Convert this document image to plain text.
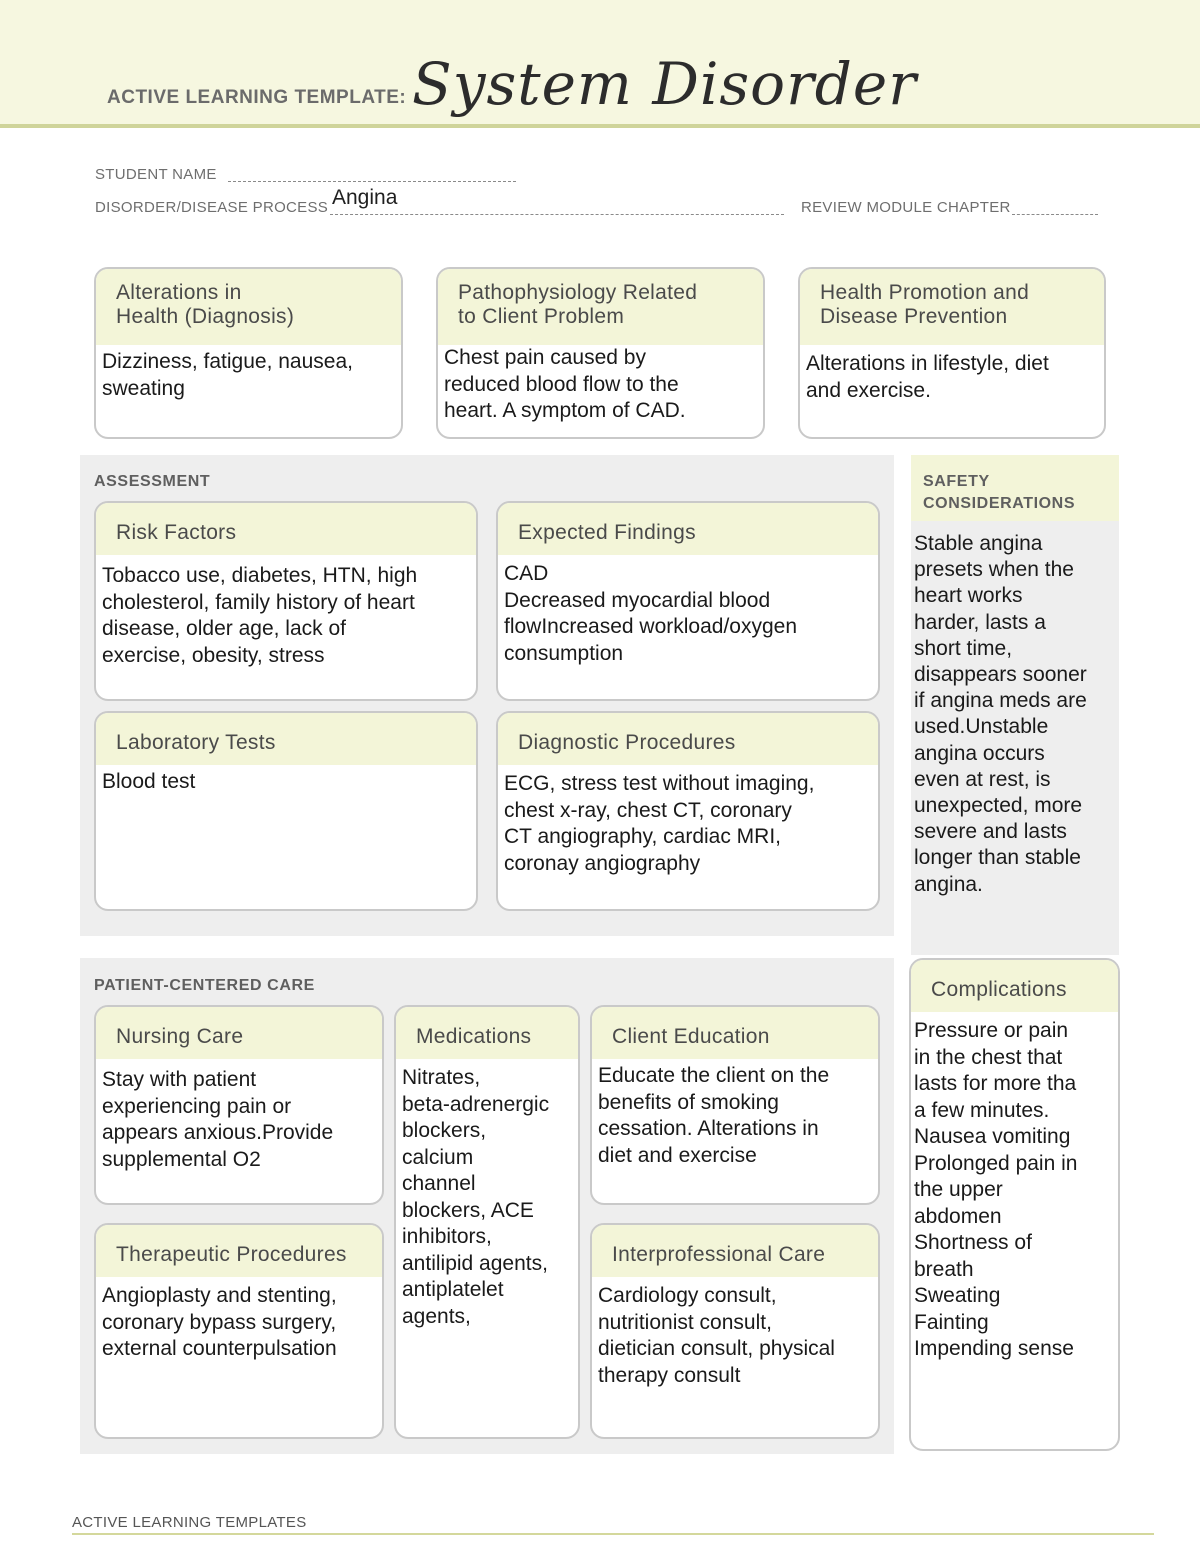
ACTIVE LEARNING TEMPLATE: System Disorder
STUDENT NAME
DISORDER/DISEASE PROCESS Angina	REVIEW MODULE CHAPTER
Alterations in
Health (Diagnosis)
Dizziness, fatigue, nausea,
sweating
Pathophysiology Related
to Client Problem
Chest pain caused by
reduced blood flow to the
heart. A symptom of CAD.
Health Promotion and
Disease Prevention
Alterations in lifestyle, diet
and exercise.
ASSESSMENT
Risk Factors
Tobacco use, diabetes, HTN, high
cholesterol, family history of heart
disease, older age, lack of
exercise, obesity, stress
Expected Findings
CAD
Decreased myocardial blood
flowIncreased workload/oxygen
consumption
Laboratory Tests
Blood test
Diagnostic Procedures
ECG, stress test without imaging,
chest x-ray, chest CT, coronary
CT angiography, cardiac MRI,
coronay angiography
SAFETY
CONSIDERATIONS
Stable angina
presets when the
heart works
harder, lasts a
short time,
disappears sooner
if angina meds are
used.Unstable
angina occurs
even at rest, is
unexpected, more
severe and lasts
longer than stable
angina.
PATIENT-CENTERED CARE
Nursing Care
Stay with patient
experiencing pain or
appears anxious.Provide
supplemental O2
Medications
Nitrates,
beta-adrenergic
blockers,
calcium
channel
blockers, ACE
inhibitors,
antilipid agents,
antiplatelet
agents,
Client Education
Educate the client on the
benefits of smoking
cessation. Alterations in
diet and exercise
Therapeutic Procedures
Angioplasty and stenting,
coronary bypass surgery,
external counterpulsation
Interprofessional Care
Cardiology consult,
nutritionist consult,
dietician consult, physical
therapy consult
Complications
Pressure or pain
in the chest that
lasts for more tha
a few minutes.
Nausea vomiting
Prolonged pain in
the upper
abdomen
Shortness of
breath
Sweating
Fainting
Impending sense
ACTIVE LEARNING TEMPLATES
